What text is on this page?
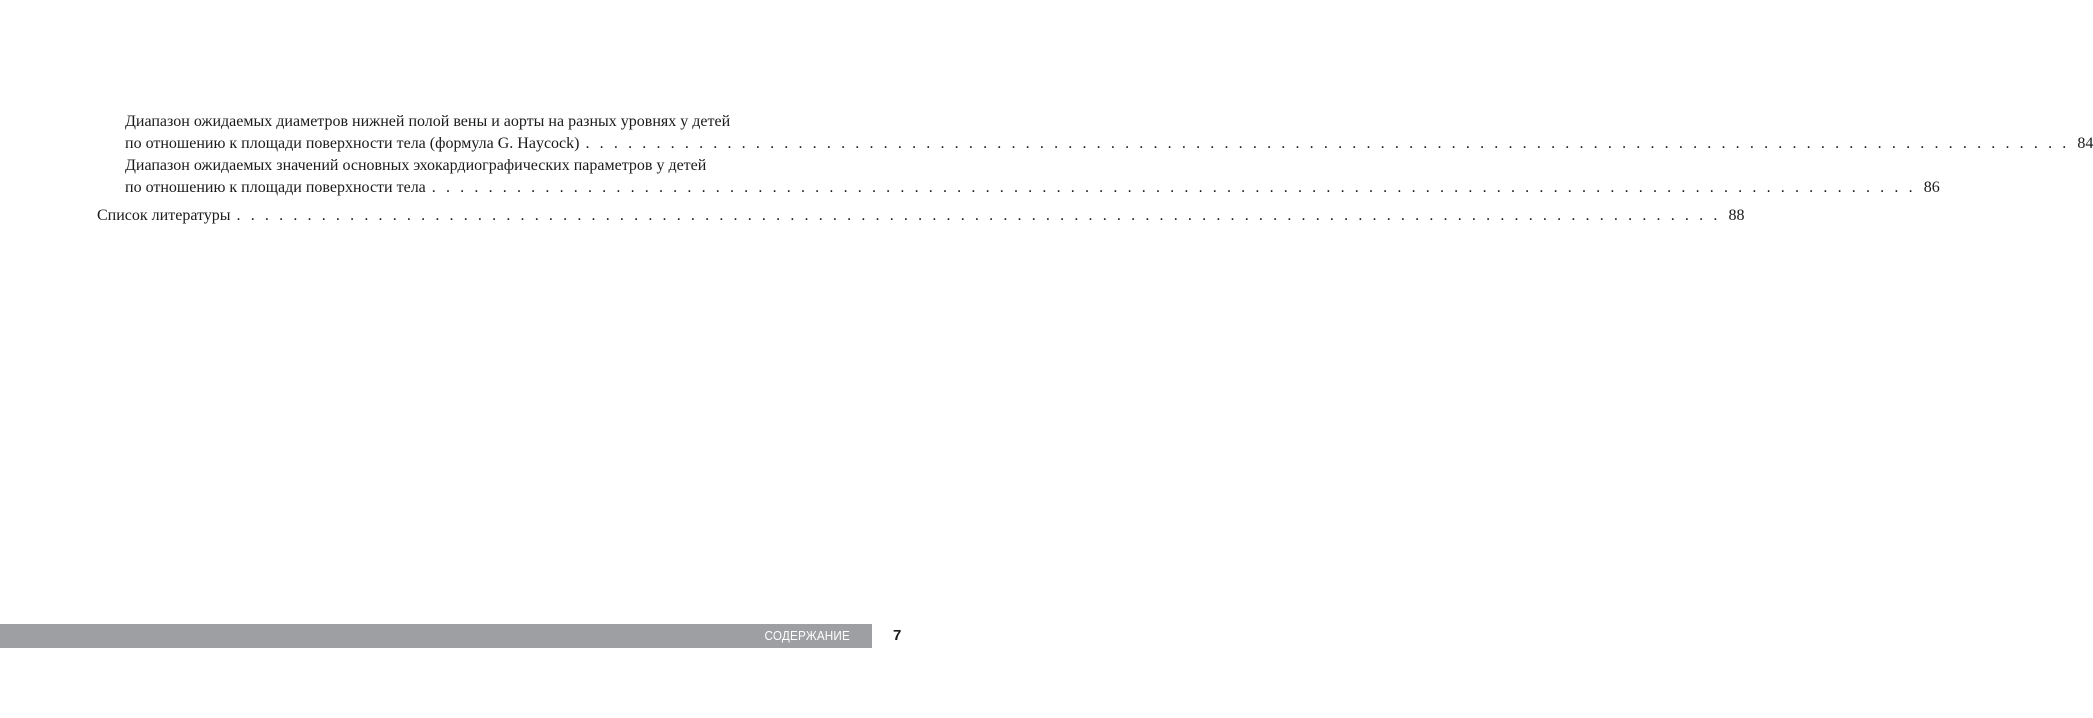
Диапазон ожидаемых диаметров нижней полой вены и аорты на разных уровнях у детей
по отношению к площади поверхности тела (формула G. Haycock) . . . . . . . . . . . . . . . . . . . . . . . . . . . . . . . . . . . . . . . . . . . . . . . . . . . . . . . . . . . . . . . . . . . . . . . . . . . . . . . . . . . . . . . . . . . . . . . . . . . . . . . . . 84
Диапазон ожидаемых значений основных эхокардиографических параметров у детей
по отношению к площади поверхности тела . . . . . . . . . . . . . . . . . . . . . . . . . . . . . . . . . . . . . . . . . . . . . . . . . . . . . . . . . . . . . . . . . . . . . . . . . . . . . . . . . . . . . . . . . . . . . . . . . . . . . . . . . 86
Список литературы . . . . . . . . . . . . . . . . . . . . . . . . . . . . . . . . . . . . . . . . . . . . . . . . . . . . . . . . . . . . . . . . . . . . . . . . . . . . . . . . . . . . . . . . . . . . . . . . . . . . . . . . . 88
СОДЕРЖАНИЕ	7
